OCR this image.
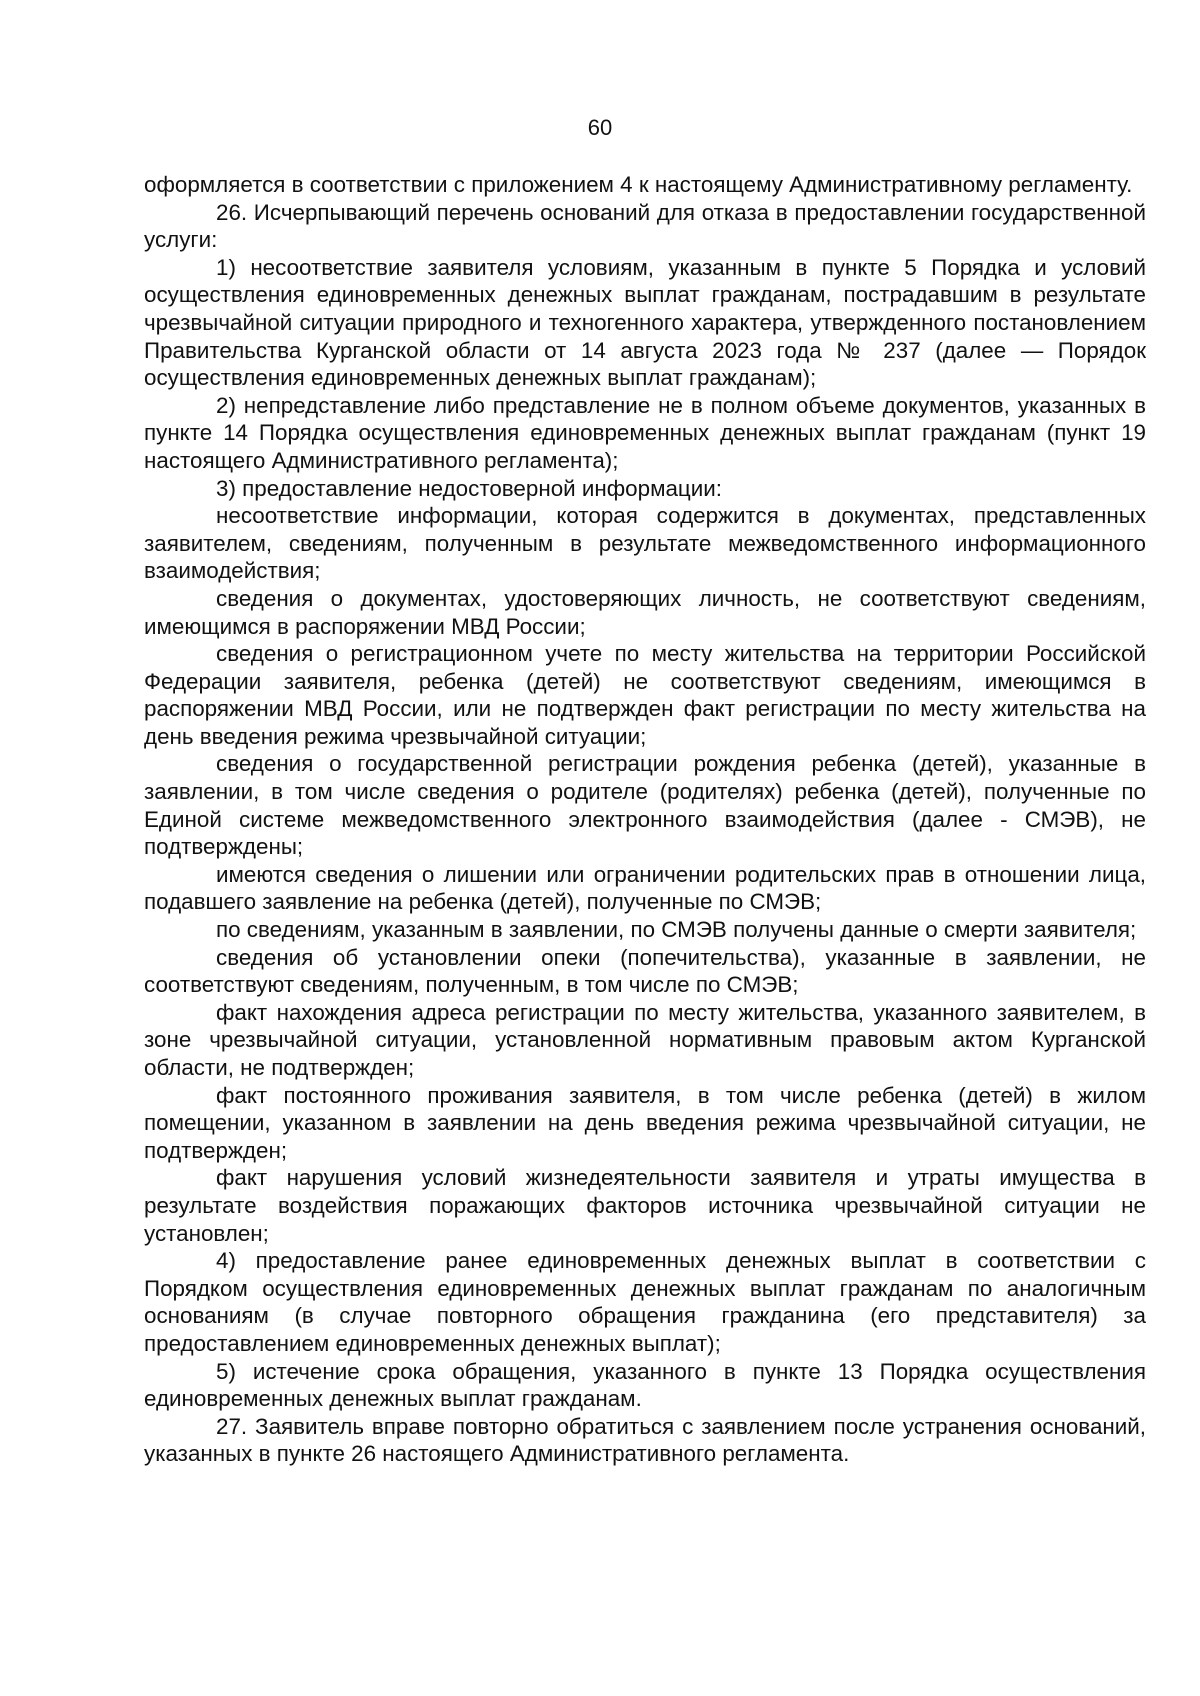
60

оформляется в соответствии с приложением 4 к настоящему Административному регламенту.

26. Исчерпывающий перечень оснований для отказа в предоставлении государственной услуги:

1) несоответствие заявителя условиям, указанным в пункте 5 Порядка и условий осуществления единовременных денежных выплат гражданам, пострадавшим в результате чрезвычайной ситуации природного и техногенного характера, утвержденного постановлением Правительства Курганской области от 14 августа 2023 года № 237 (далее — Порядок осуществления единовременных денежных выплат гражданам);

2) непредставление либо представление не в полном объеме документов, указанных в пункте 14 Порядка осуществления единовременных денежных выплат гражданам (пункт 19 настоящего Административного регламента);

3) предоставление недостоверной информации:

несоответствие информации, которая содержится в документах, представленных заявителем, сведениям, полученным в результате межведомственного информационного взаимодействия;

сведения о документах, удостоверяющих личность, не соответствуют сведениям, имеющимся в распоряжении МВД России;

сведения о регистрационном учете по месту жительства на территории Российской Федерации заявителя, ребенка (детей) не соответствуют сведениям, имеющимся в распоряжении МВД России, или не подтвержден факт регистрации по месту жительства на день введения режима чрезвычайной ситуации;

сведения о государственной регистрации рождения ребенка (детей), указанные в заявлении, в том числе сведения о родителе (родителях) ребенка (детей), полученные по Единой системе межведомственного электронного взаимодействия (далее - СМЭВ), не подтверждены;

имеются сведения о лишении или ограничении родительских прав в отношении лица, подавшего заявление на ребенка (детей), полученные по СМЭВ;

по сведениям, указанным в заявлении, по СМЭВ получены данные о смерти заявителя;

сведения об установлении опеки (попечительства), указанные в заявлении, не соответствуют сведениям, полученным, в том числе по СМЭВ;

факт нахождения адреса регистрации по месту жительства, указанного заявителем, в зоне чрезвычайной ситуации, установленной нормативным правовым актом Курганской области, не подтвержден;

факт постоянного проживания заявителя, в том числе ребенка (детей) в жилом помещении, указанном в заявлении на день введения режима чрезвычайной ситуации, не подтвержден;

факт нарушения условий жизнедеятельности заявителя и утраты имущества в результате воздействия поражающих факторов источника чрезвычайной ситуации не установлен;

4) предоставление ранее единовременных денежных выплат в соответствии с Порядком осуществления единовременных денежных выплат гражданам по аналогичным основаниям (в случае повторного обращения гражданина (его представителя) за предоставлением единовременных денежных выплат);

5) истечение срока обращения, указанного в пункте 13 Порядка осуществления единовременных денежных выплат гражданам.

27. Заявитель вправе повторно обратиться с заявлением после устранения оснований, указанных в пункте 26 настоящего Административного регламента.
